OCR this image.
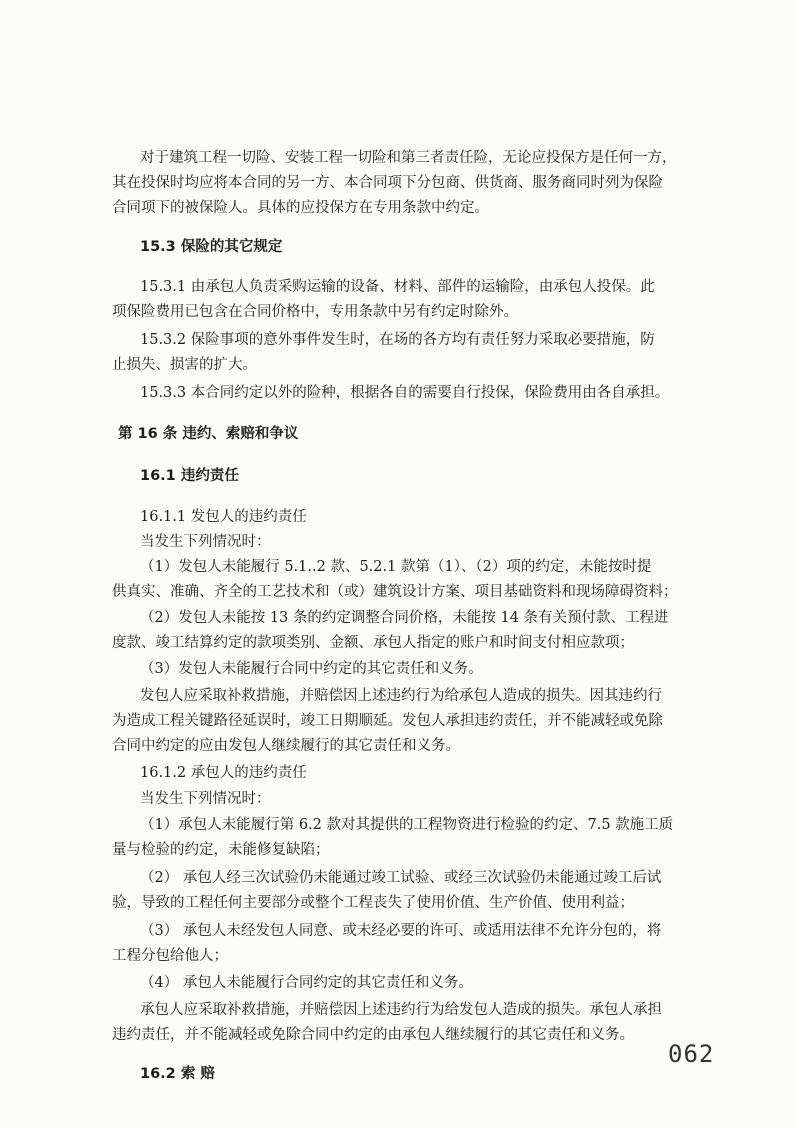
对于建筑工程一切险、安装工程一切险和第三者责任险，无论应投保方是任何一方，
其在投保时均应将本合同的另一方、本合同项下分包商、供货商、服务商同时列为保险
合同项下的被保险人。具体的应投保方在专用条款中约定。
15.3 保险的其它规定
15.3.1 由承包人负责采购运输的设备、材料、部件的运输险，由承包人投保。此
项保险费用已包含在合同价格中，专用条款中另有约定时除外。
15.3.2 保险事项的意外事件发生时，在场的各方均有责任努力采取必要措施，防
止损失、损害的扩大。
15.3.3 本合同约定以外的险种，根据各自的需要自行投保，保险费用由各自承担。
第 16 条 违约、索赔和争议
16.1 违约责任
16.1.1 发包人的违约责任
当发生下列情况时：
（1）发包人未能履行 5.1..2 款、5.2.1 款第（1）、（2）项的约定，未能按时提
供真实、准确、齐全的工艺技术和（或）建筑设计方案、项目基础资料和现场障碍资料；
（2）发包人未能按 13 条的约定调整合同价格，未能按 14 条有关预付款、工程进
度款、竣工结算约定的款项类别、金额、承包人指定的账户和时间支付相应款项；
（3）发包人未能履行合同中约定的其它责任和义务。
发包人应采取补救措施，并赔偿因上述违约行为给承包人造成的损失。因其违约行
为造成工程关键路径延误时，竣工日期顺延。发包人承担违约责任，并不能减轻或免除
合同中约定的应由发包人继续履行的其它责任和义务。
16.1.2 承包人的违约责任
当发生下列情况时：
（1）承包人未能履行第 6.2 款对其提供的工程物资进行检验的约定、7.5 款施工质
量与检验的约定，未能修复缺陷；
（2） 承包人经三次试验仍未能通过竣工试验、或经三次试验仍未能通过竣工后试
验，导致的工程任何主要部分或整个工程丧失了使用价值、生产价值、使用利益；
（3） 承包人未经发包人同意、或未经必要的许可、或适用法律不允许分包的，将
工程分包给他人；
（4） 承包人未能履行合同约定的其它责任和义务。
承包人应采取补救措施，并赔偿因上述违约行为给发包人造成的损失。承包人承担
违约责任，并不能减轻或免除合同中约定的由承包人继续履行的其它责任和义务。
16.2 索 赔
062
